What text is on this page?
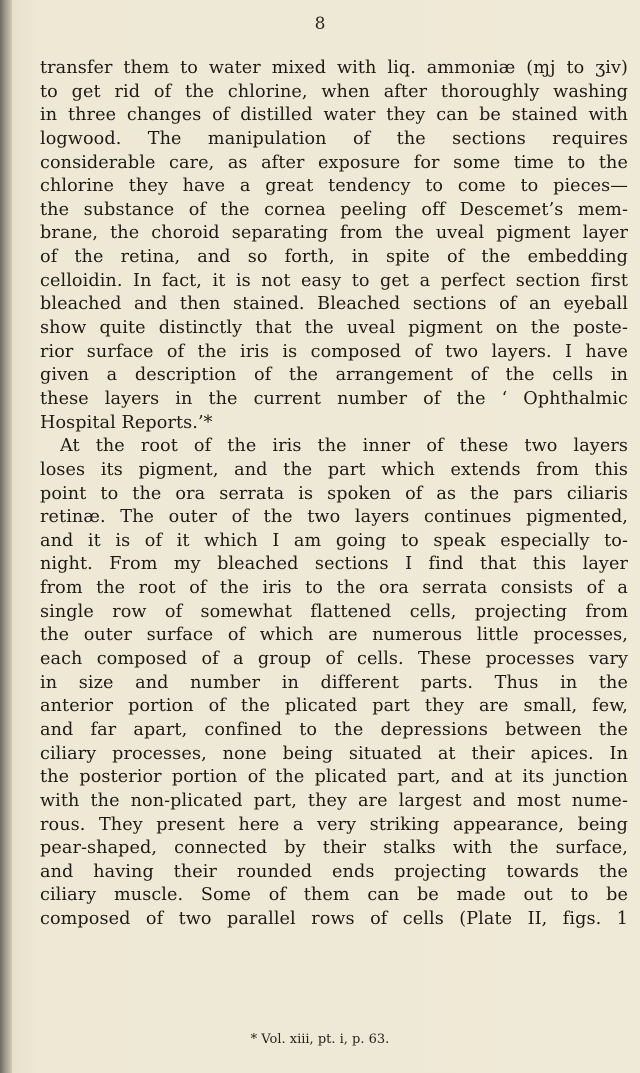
8
transfer them to water mixed with liq. ammoniæ (ɱj to ʒiv)
to get rid of the chlorine, when after thoroughly washing
in three changes of distilled water they can be stained with
logwood. The manipulation of the sections requires
considerable care, as after exposure for some time to the
chlorine they have a great tendency to come to pieces—
the substance of the cornea peeling off Descemet’s mem-
brane, the choroid separating from the uveal pigment layer
of the retina, and so forth, in spite of the embedding
celloidin. In fact, it is not easy to get a perfect section first
bleached and then stained. Bleached sections of an eyeball
show quite distinctly that the uveal pigment on the poste-
rior surface of the iris is composed of two layers. I have
given a description of the arrangement of the cells in
these layers in the current number of the ‘ Ophthalmic
Hospital Reports.’*
At the root of the iris the inner of these two layers
loses its pigment, and the part which extends from this
point to the ora serrata is spoken of as the pars ciliaris
retinæ. The outer of the two layers continues pigmented,
and it is of it which I am going to speak especially to-
night. From my bleached sections I find that this layer
from the root of the iris to the ora serrata consists of a
single row of somewhat flattened cells, projecting from
the outer surface of which are numerous little processes,
each composed of a group of cells. These processes vary
in size and number in different parts. Thus in the
anterior portion of the plicated part they are small, few,
and far apart, confined to the depressions between the
ciliary processes, none being situated at their apices. In
the posterior portion of the plicated part, and at its junction
with the non-plicated part, they are largest and most nume-
rous. They present here a very striking appearance, being
pear-shaped, connected by their stalks with the surface,
and having their rounded ends projecting towards the
ciliary muscle. Some of them can be made out to be
composed of two parallel rows of cells (Plate II, figs. 1
* Vol. xiii, pt. i, p. 63.
